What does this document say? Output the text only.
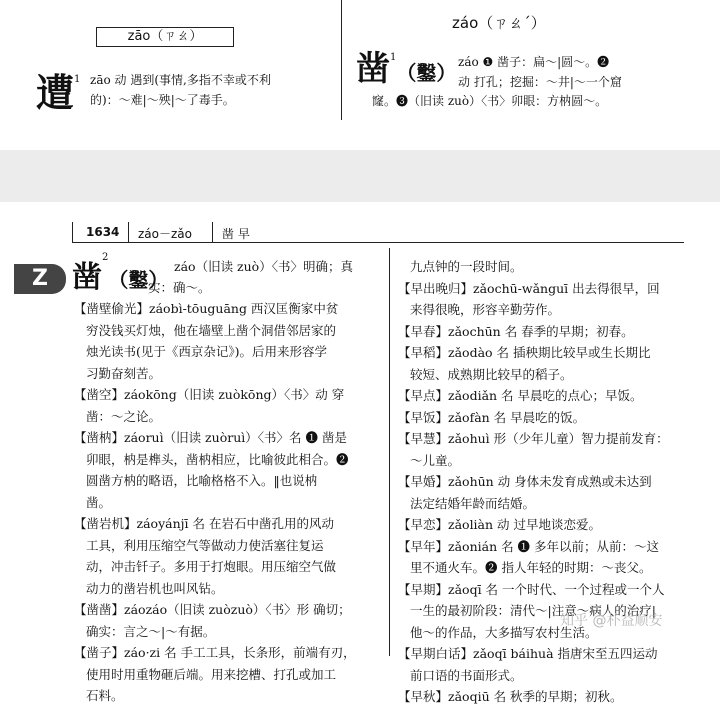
zāo（ㄗㄠ）
遭$^1$ zāo 动 遇到(事情,多指不幸或不利
的)：～难|～殃|～了毒手。
záo（ㄗㄠˊ）
凿$^1$（鑿） záo ❶ 凿子：扁～|圆～。❷
动 打孔；挖掘：～井|～一个窟
窿。❸（旧读 zuò）〈书〉卯眼：方枘圆～。
1634 záo－zǎo	凿 早
Z 凿$^2$（鑿）
záo（旧读 zuò）〈书〉明确；真
实：确～。
【凿壁偷光】záobì-tōuguāng 西汉匡衡家中贫
穷没钱买灯烛，他在墙壁上凿个洞借邻居家的
烛光读书(见于《西京杂记》)。后用来形容学
习勤奋刻苦。
【凿空】záokōng（旧读 zuòkōng）〈书〉动 穿
凿：～之论。
【凿枘】záoruì（旧读 zuòruì）〈书〉名 ❶ 凿是
卯眼，枘是榫头，凿枘相应，比喻彼此相合。❷
圆凿方枘的略语，比喻格格不入。‖也说枘
凿。
【凿岩机】záoyánjī 名 在岩石中凿孔用的风动
工具，利用压缩空气等做动力使活塞往复运
动，冲击钎子。多用于打炮眼。用压缩空气做
动力的凿岩机也叫风钻。
【凿凿】záozáo（旧读 zuòzuò）〈书〉形 确切；
确实：言之～|～有据。
【凿子】záo·zi 名 手工工具，长条形，前端有刃，
使用时用重物砸后端。用来挖槽、打孔或加工
石料。
九点钟的一段时间。
【早出晚归】zǎochū-wǎnguī 出去得很早，回
来得很晚，形容辛勤劳作。
【早春】zǎochūn 名 春季的早期；初春。
【早稻】zǎodào 名 插秧期比较早或生长期比
较短、成熟期比较早的稻子。
【早点】zǎodiǎn 名 早晨吃的点心；早饭。
【早饭】zǎofàn 名 早晨吃的饭。
【早慧】zǎohuì 形（少年儿童）智力提前发育：
～儿童。
【早婚】zǎohūn 动 身体未发育成熟或未达到
法定结婚年龄而结婚。
【早恋】zǎoliàn 动 过早地谈恋爱。
【早年】zǎonián 名 ❶ 多年以前；从前：～这
里不通火车。❷ 指人年轻的时期：～丧父。
【早期】zǎoqī 名 一个时代、一个过程或一个人
一生的最初阶段：清代～|注意～病人的治疗|
他～的作品，大多描写农村生活。
【早期白话】zǎoqī báihuà 指唐宋至五四运动
前口语的书面形式。
【早秋】zǎoqiū 名 秋季的早期；初秋。
知乎 @朴益顺安
